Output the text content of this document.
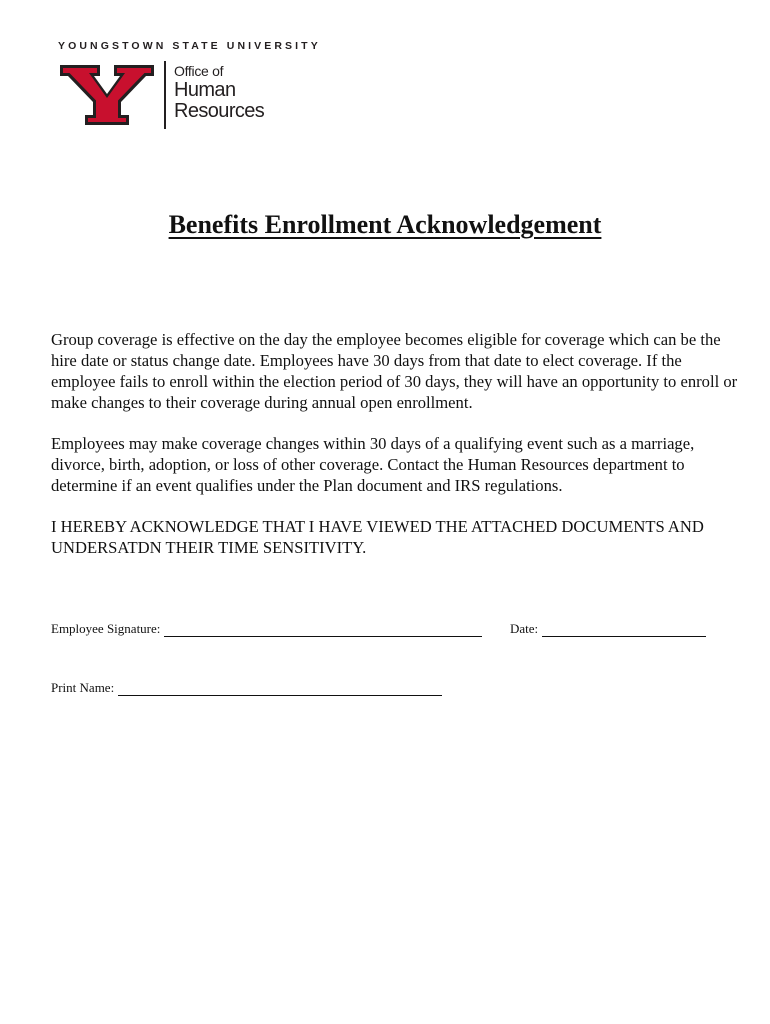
YOUNGSTOWN STATE UNIVERSITY
Office of
Human
Resources
Benefits Enrollment Acknowledgement

Group coverage is effective on the day the employee becomes eligible for coverage which can be the hire date or status change date. Employees have 30 days from that date to elect coverage. If the employee fails to enroll within the election period of 30 days, they will have an opportunity to enroll or make changes to their coverage during annual open enrollment.

Employees may make coverage changes within 30 days of a qualifying event such as a marriage, divorce, birth, adoption, or loss of other coverage. Contact the Human Resources department to determine if an event qualifies under the Plan document and IRS regulations.

I HEREBY ACKNOWLEDGE THAT I HAVE VIEWED THE ATTACHED DOCUMENTS AND UNDERSATDN THEIR TIME SENSITIVITY.

Employee Signature:	Date:
Print Name:
